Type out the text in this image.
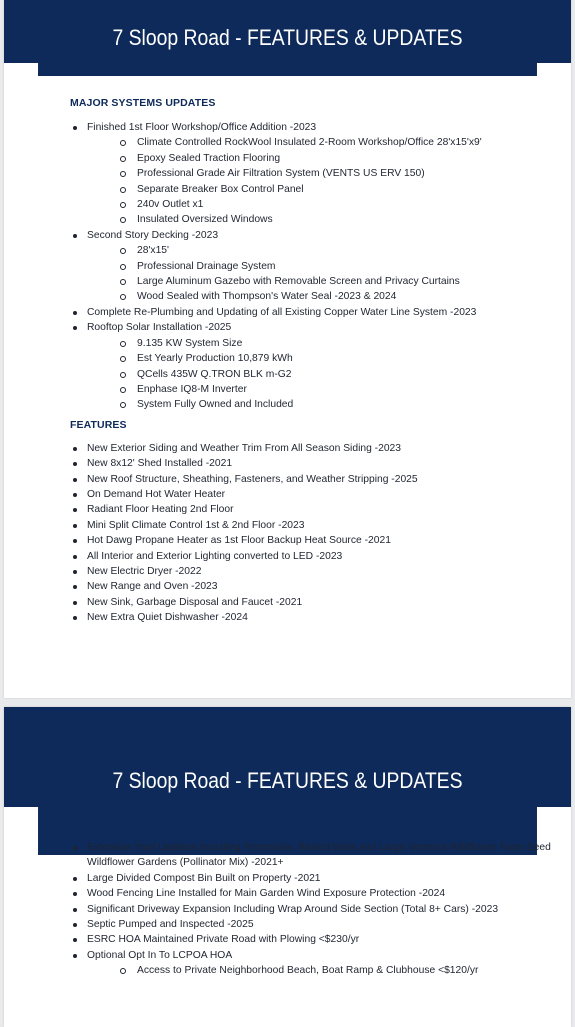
7 Sloop Road - FEATURES & UPDATES
MAJOR SYSTEMS UPDATES
Finished 1st Floor Workshop/Office Addition -2023
Climate Controlled RockWool Insulated 2-Room Workshop/Office 28'x15'x9'
Epoxy Sealed Traction Flooring
Professional Grade Air Filtration System (VENTS US ERV 150)
Separate Breaker Box Control Panel
240v Outlet x1
Insulated Oversized Windows
Second Story Decking -2023
28'x15'
Professional Drainage System
Large Aluminum Gazebo with Removable Screen and Privacy Curtains
Wood Sealed with Thompson's Water Seal -2023 & 2024
Complete Re-Plumbing and Updating of all Existing Copper Water Line System -2023
Rooftop Solar Installation -2025
9.135 KW System Size
Est Yearly Production 10,879 kWh
QCells 435W Q.TRON BLK m-G2
Enphase IQ8-M Inverter
System Fully Owned and Included
FEATURES
New Exterior Siding and Weather Trim From All Season Siding -2023
New 8x12' Shed Installed -2021
New Roof Structure, Sheathing, Fasteners, and Weather Stripping -2025
On Demand Hot Water Heater
Radiant Floor Heating 2nd Floor
Mini Split Climate Control 1st & 2nd Floor -2023
Hot Dawg Propane Heater as 1st Floor Backup Heat Source -2021
All Interior and Exterior Lighting converted to LED -2023
New Electric Dryer -2022
New Range and Oven -2023
New Sink, Garbage Disposal and Faucet -2021
New Extra Quiet Dishwasher -2024
7 Sloop Road - FEATURES & UPDATES
Extensive Yard Updates Including Perennials, Raised Beds and Large Vermont Wildflower Farm Seed Wildflower Gardens (Pollinator Mix) -2021+
Large Divided Compost Bin Built on Property -2021
Wood Fencing Line Installed for Main Garden Wind Exposure Protection -2024
Significant Driveway Expansion Including Wrap Around Side Section (Total 8+ Cars) -2023
Septic Pumped and Inspected -2025
ESRC HOA Maintained Private Road with Plowing <$230/yr
Optional Opt In To LCPOA HOA
Access to Private Neighborhood Beach, Boat Ramp & Clubhouse <$120/yr
